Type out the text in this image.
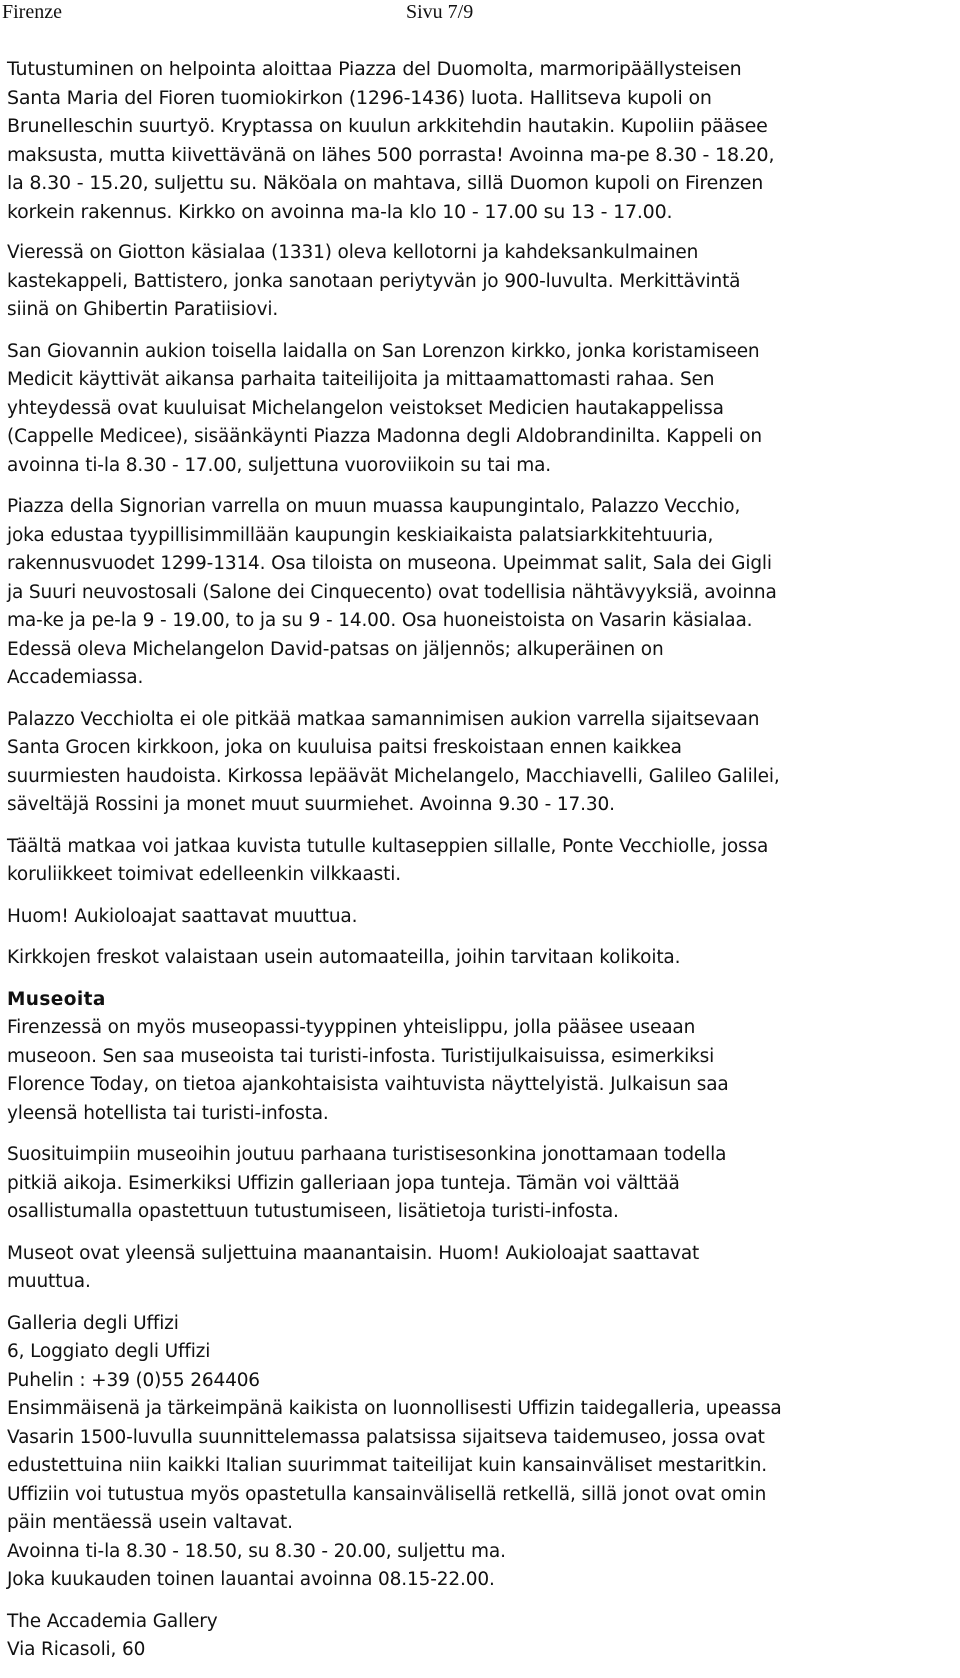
Firenze	Sivu 7/9

Tutustuminen on helpointa aloittaa Piazza del Duomolta, marmoripäällysteisen
Santa Maria del Fioren tuomiokirkon (1296-1436) luota. Hallitseva kupoli on
Brunelleschin suurtyö. Kryptassa on kuulun arkkitehdin hautakin. Kupoliin pääsee
maksusta, mutta kiivettävänä on lähes 500 porrasta! Avoinna ma-pe 8.30 - 18.20,
la 8.30 - 15.20, suljettu su. Näköala on mahtava, sillä Duomon kupoli on Firenzen
korkein rakennus. Kirkko on avoinna ma-la klo 10 - 17.00 su 13 - 17.00.

Vieressä on Giotton käsialaa (1331) oleva kellotorni ja kahdeksankulmainen
kastekappeli, Battistero, jonka sanotaan periytyvän jo 900-luvulta. Merkittävintä
siinä on Ghibertin Paratiisiovi.

San Giovannin aukion toisella laidalla on San Lorenzon kirkko, jonka koristamiseen
Medicit käyttivät aikansa parhaita taiteilijoita ja mittaamattomasti rahaa. Sen
yhteydessä ovat kuuluisat Michelangelon veistokset Medicien hautakappelissa
(Cappelle Medicee), sisäänkäynti Piazza Madonna degli Aldobrandinilta. Kappeli on
avoinna ti-la 8.30 - 17.00, suljettuna vuoroviikoin su tai ma.

Piazza della Signorian varrella on muun muassa kaupungintalo, Palazzo Vecchio,
joka edustaa tyypillisimmillään kaupungin keskiaikaista palatsiarkkitehtuuria,
rakennusvuodet 1299-1314. Osa tiloista on museona. Upeimmat salit, Sala dei Gigli
ja Suuri neuvostosali (Salone dei Cinquecento) ovat todellisia nähtävyyksiä, avoinna
ma-ke ja pe-la 9 - 19.00, to ja su 9 - 14.00. Osa huoneistoista on Vasarin käsialaa.
Edessä oleva Michelangelon David-patsas on jäljennös; alkuperäinen on
Accademiassa.

Palazzo Vecchiolta ei ole pitkää matkaa samannimisen aukion varrella sijaitsevaan
Santa Grocen kirkkoon, joka on kuuluisa paitsi freskoistaan ennen kaikkea
suurmiesten haudoista. Kirkossa lepäävät Michelangelo, Macchiavelli, Galileo Galilei,
säveltäjä Rossini ja monet muut suurmiehet. Avoinna 9.30 - 17.30.

Täältä matkaa voi jatkaa kuvista tutulle kultaseppien sillalle, Ponte Vecchiolle, jossa
koruliikkeet toimivat edelleenkin vilkkaasti.

Huom! Aukioloajat saattavat muuttua.

Kirkkojen freskot valaistaan usein automaateilla, joihin tarvitaan kolikoita.

Museoita

Firenzessä on myös museopassi-tyyppinen yhteislippu, jolla pääsee useaan
museoon. Sen saa museoista tai turisti-infosta. Turistijulkaisuissa, esimerkiksi
Florence Today, on tietoa ajankohtaisista vaihtuvista näyttelyistä. Julkaisun saa
yleensä hotellista tai turisti-infosta.

Suosituimpiin museoihin joutuu parhaana turistisesonkina jonottamaan todella
pitkiä aikoja. Esimerkiksi Uffizin galleriaan jopa tunteja. Tämän voi välttää
osallistumalla opastettuun tutustumiseen, lisätietoja turisti-infosta.

Museot ovat yleensä suljettuina maanantaisin. Huom! Aukioloajat saattavat
muuttua.

Galleria degli Uffizi
6, Loggiato degli Uffizi
Puhelin : +39 (0)55 264406

Ensimmäisenä ja tärkeimpänä kaikista on luonnollisesti Uffizin taidegalleria, upeassa
Vasarin 1500-luvulla suunnittelemassa palatsissa sijaitseva taidemuseo, jossa ovat
edustettuina niin kaikki Italian suurimmat taiteilijat kuin kansainväliset mestaritkin.
Uffiziin voi tutustua myös opastetulla kansainvälisellä retkellä, sillä jonot ovat omin
päin mentäessä usein valtavat.

Avoinna ti-la 8.30 - 18.50, su 8.30 - 20.00, suljettu ma.
Joka kuukauden toinen lauantai avoinna 08.15-22.00.
The Accademia Gallery
Via Ricasoli, 60
